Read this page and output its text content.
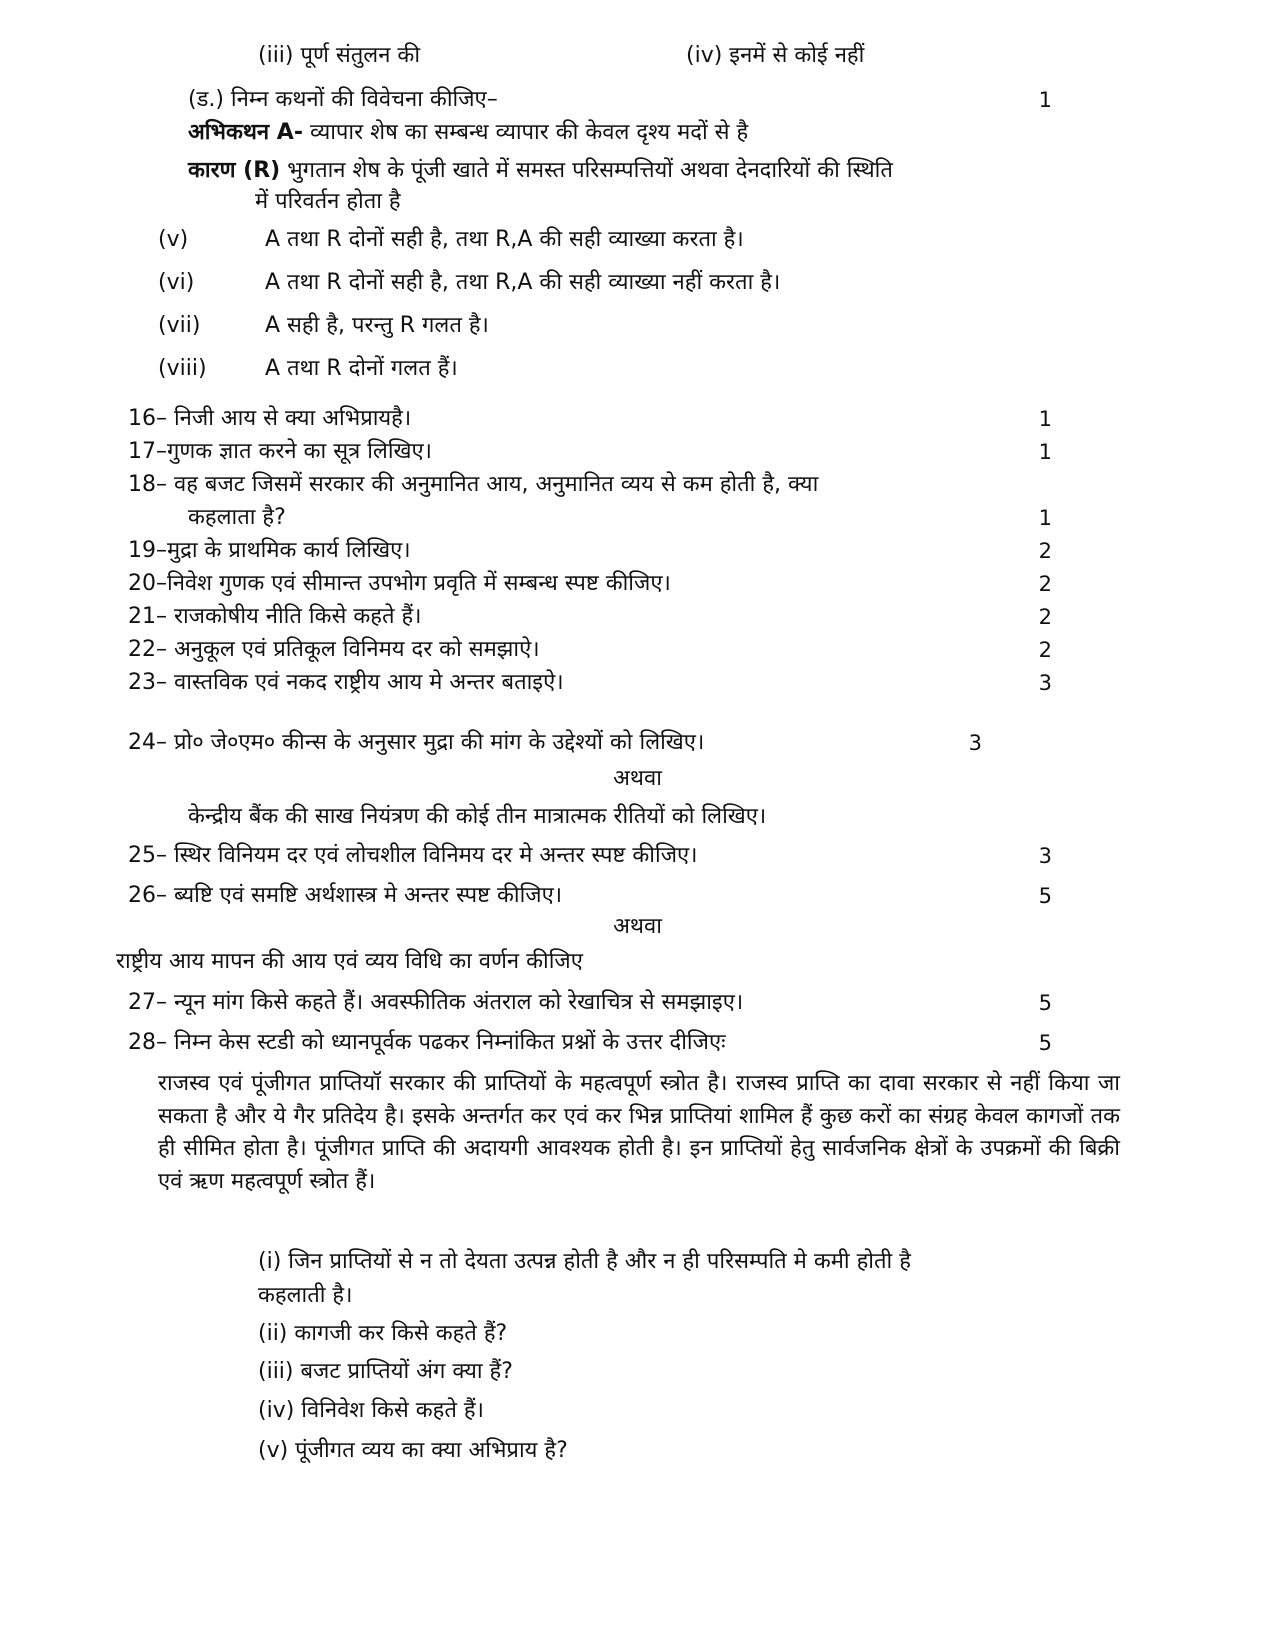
(iii) पूर्ण संतुलन की	(iv) इनमें से कोई नहीं
(ड.) निम्न कथनों की विवेचना कीजिए–	1
अभिकथन A- व्यापार शेष का सम्बन्ध व्यापार की केवल दृश्य मदों से है
कारण (R) भुगतान शेष के पूंजी खाते में समस्त परिसम्पत्तियों अथवा देनदारियों की स्थिति
में परिवर्तन होता है
(v)	A तथा R दोनों सही है, तथा R,A की सही व्याख्या करता है।
(vi)	A तथा R दोनों सही है, तथा R,A की सही व्याख्या नहीं करता है।
(vii)	A सही है, परन्तु R गलत है।
(viii)	A तथा R दोनों गलत हैं।
16– निजी आय से क्या अभिप्रायहै।	1
17–गुणक ज्ञात करने का सूत्र लिखिए।	1
18– वह बजट जिसमें सरकार की अनुमानित आय, अनुमानित व्यय से कम होती है, क्या
कहलाता है?	1
19–मुद्रा के प्राथमिक कार्य लिखिए।	2
20–निवेश गुणक एवं सीमान्त उपभोग प्रवृति में सम्बन्ध स्पष्ट कीजिए।	2
21– राजकोषीय नीति किसे कहते हैं।	2
22– अनुकूल एवं प्रतिकूल विनिमय दर को समझाऐ।	2
23– वास्तविक एवं नकद राष्ट्रीय आय मे अन्तर बताइऐ।	3
24– प्रो० जे०एम० कीन्स के अनुसार मुद्रा की मांग के उद्देश्यों को लिखिए।	3
अथवा
केन्द्रीय बैंक की साख नियंत्रण की कोई तीन मात्रात्मक रीतियों को लिखिए।
25– स्थिर विनियम दर एवं लोचशील विनिमय दर मे अन्तर स्पष्ट कीजिए।	3
26– ब्यष्टि एवं समष्टि अर्थशास्त्र मे अन्तर स्पष्ट कीजिए।	5
अथवा
राष्ट्रीय आय मापन की आय एवं व्यय विधि का वर्णन कीजिए
27– न्यून मांग किसे कहते हैं। अवस्फीतिक अंतराल को रेखाचित्र से समझाइए।	5
28– निम्न केस स्टडी को ध्यानपूर्वक पढकर निम्नांकित प्रश्नों के उत्तर दीजिएः	5
राजस्व एवं पूंजीगत प्राप्तियॉ सरकार की प्राप्तियों के महत्वपूर्ण स्त्रोत है। राजस्व प्राप्ति का दावा सरकार से नहीं किया जा सकता है और ये गैर प्रतिदेय है। इसके अन्तर्गत कर एवं कर भिन्न प्राप्तियां शामिल हैं कुछ करों का संग्रह केवल कागजों तक ही सीमित होता है। पूंजीगत प्राप्ति की अदायगी आवश्यक होती है। इन प्राप्तियों हेतु सार्वजनिक क्षेत्रों के उपक्रमों की बिक्री एवं ऋण महत्वपूर्ण स्त्रोत हैं।
(i) जिन प्राप्तियों से न तो देयता उत्पन्न होती है और न ही परिसम्पति मे कमी होती है
कहलाती है।
(ii) कागजी कर किसे कहते हैं?
(iii) बजट प्राप्तियों अंग क्या हैं?
(iv) विनिवेश किसे कहते हैं।
(v) पूंजीगत व्यय का क्या अभिप्राय है?
